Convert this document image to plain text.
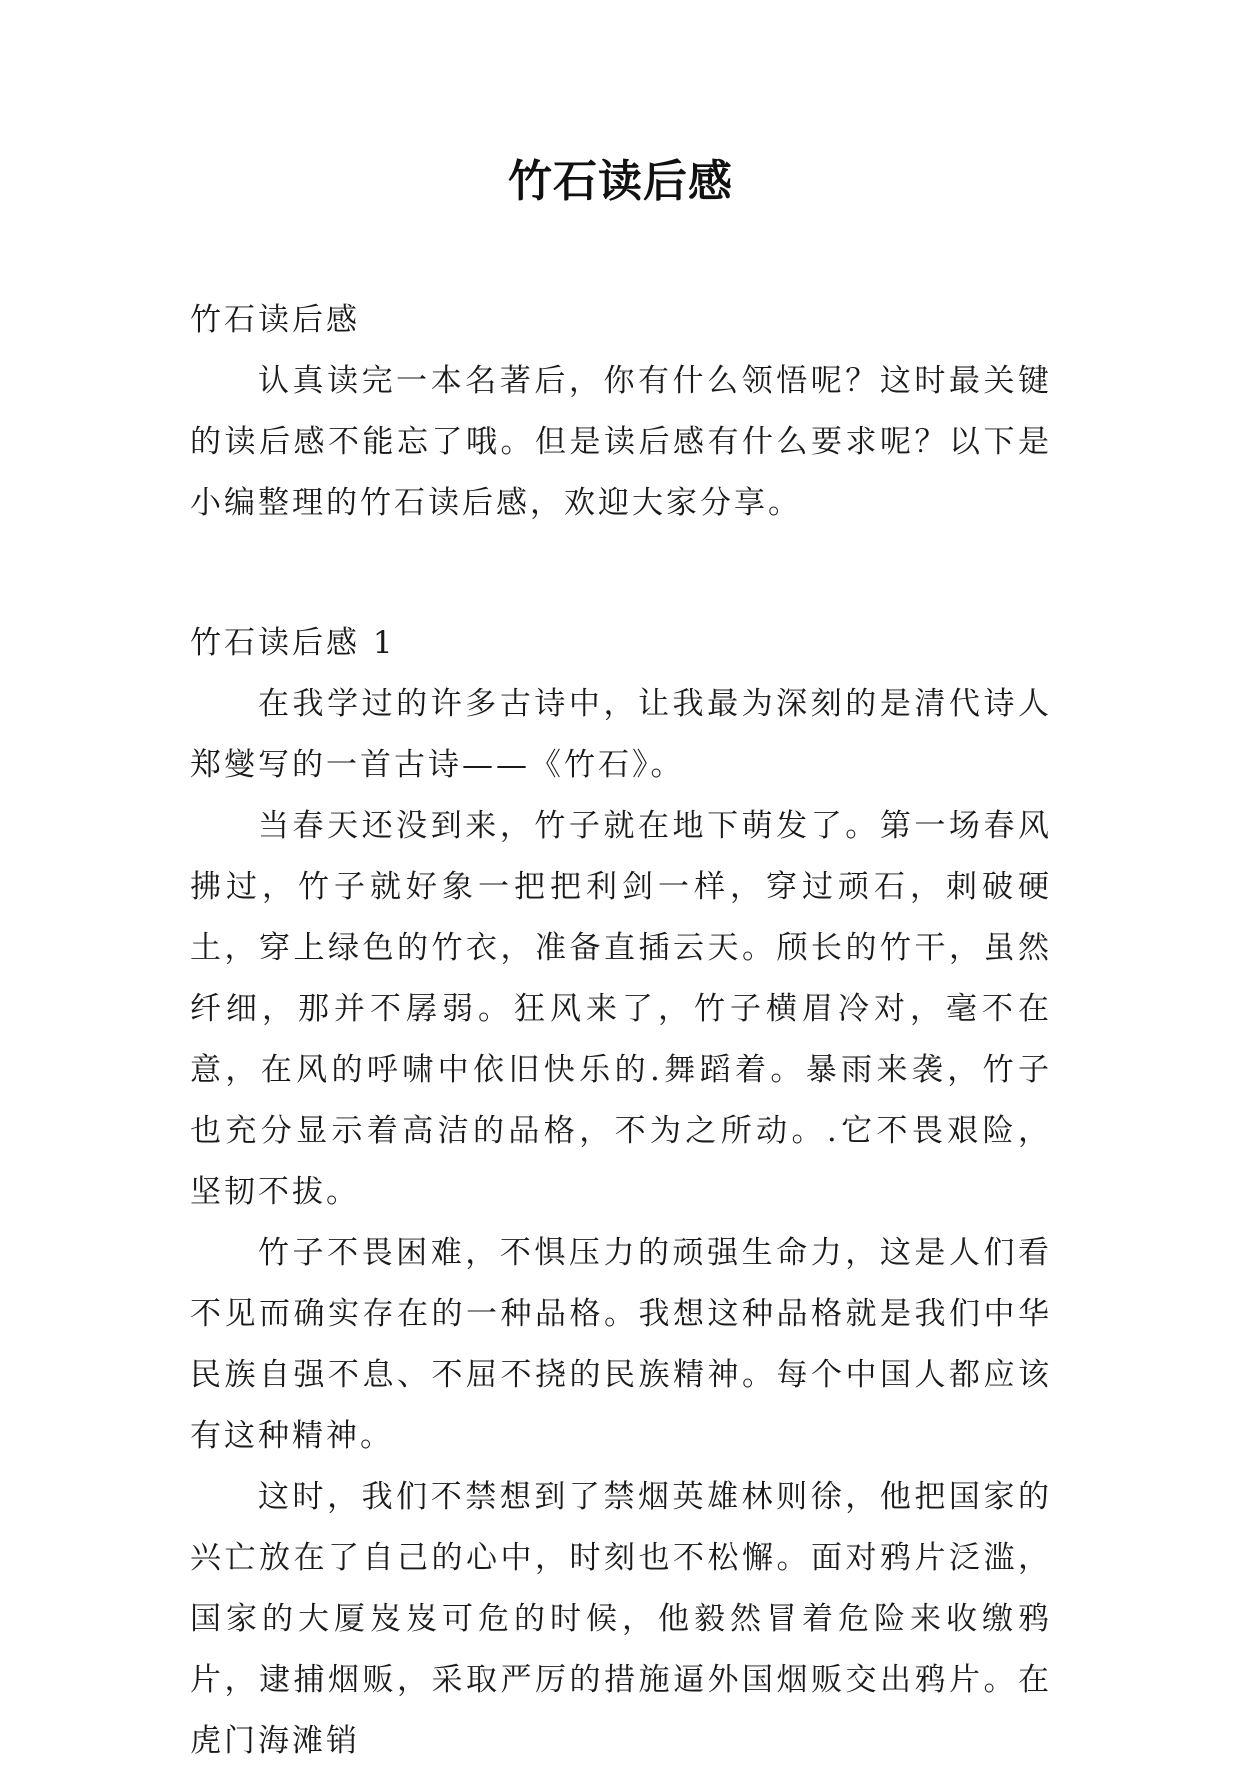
竹石读后感

竹石读后感

认真读完一本名著后，你有什么领悟呢？这时最关键的读后感不能忘了哦。但是读后感有什么要求呢？以下是小编整理的竹石读后感，欢迎大家分享。

竹石读后感 1

在我学过的许多古诗中，让我最为深刻的是清代诗人郑燮写的一首古诗——《竹石》。

当春天还没到来，竹子就在地下萌发了。第一场春风拂过，竹子就好象一把把利剑一样，穿过顽石，刺破硬土，穿上绿色的竹衣，准备直插云天。颀长的竹干，虽然纤细，那并不孱弱。狂风来了，竹子横眉冷对，毫不在意，在风的呼啸中依旧快乐的.舞蹈着。暴雨来袭，竹子也充分显示着高洁的品格，不为之所动。.它不畏艰险，坚韧不拔。

竹子不畏困难，不惧压力的顽强生命力，这是人们看不见而确实存在的一种品格。我想这种品格就是我们中华民族自强不息、不屈不挠的民族精神。每个中国人都应该有这种精神。

这时，我们不禁想到了禁烟英雄林则徐，他把国家的兴亡放在了自己的心中，时刻也不松懈。面对鸦片泛滥，国家的大厦岌岌可危的时候，他毅然冒着危险来收缴鸦片，逮捕烟贩，采取严厉的措施逼外国烟贩交出鸦片。在虎门海滩销
